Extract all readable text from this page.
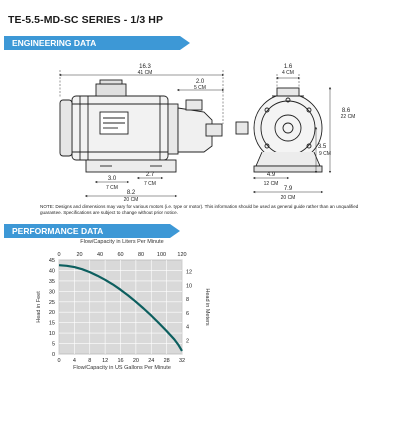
TE-5.5-MD-SC SERIES - 1/3 HP
ENGINEERING DATA
16.3
41 CM
2.0
5 CM
3.0
7 CM
2.7
7 CM
8.2
20 CM
1.6
4 CM
8.6
22 CM
3.5
9 CM
4.9
12 CM
7.9
20 CM
NOTE: Designs and dimensions may vary for various motors (i.e. type or motor). This information should be used as general guide rather than an unqualified guarantee. Specifications are subject to change without prior notice.
PERFORMANCE DATA
Flow/Capacity in Liters Per Minute
Flow/Capacity in US Gallons Per Minute
Head in Feet	Head in Meters
0 4 8 12 16 20 24 28 32
0	20	40	60	80 100 120
0
5
10
15
20
25
30
35
40
45
2
4
6
8
10
12
